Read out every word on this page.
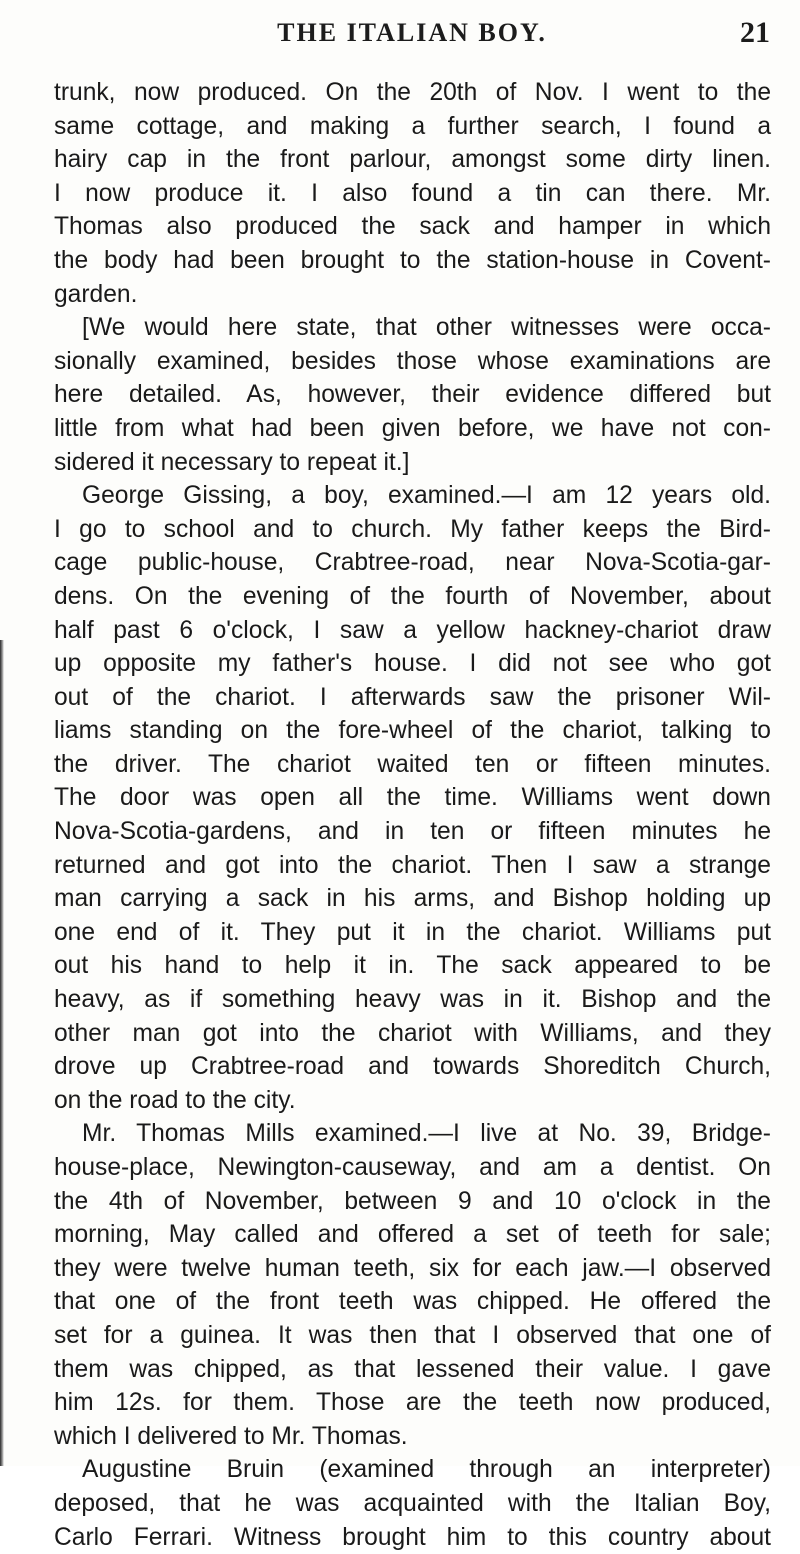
THE ITALIAN BOY.	21
trunk, now produced. On the 20th of Nov. I went to the
same cottage, and making a further search, I found a
hairy cap in the front parlour, amongst some dirty linen.
I now produce it. I also found a tin can there. Mr.
Thomas also produced the sack and hamper in which
the body had been brought to the station-house in Covent-
garden.
[We would here state, that other witnesses were occa-
sionally examined, besides those whose examinations are
here detailed. As, however, their evidence differed but
little from what had been given before, we have not con-
sidered it necessary to repeat it.]
George Gissing, a boy, examined.—I am 12 years old.
I go to school and to church. My father keeps the Bird-
cage public-house, Crabtree-road, near Nova-Scotia-gar-
dens. On the evening of the fourth of November, about
half past 6 o'clock, I saw a yellow hackney-chariot draw
up opposite my father's house. I did not see who got
out of the chariot. I afterwards saw the prisoner Wil-
liams standing on the fore-wheel of the chariot, talking to
the driver. The chariot waited ten or fifteen minutes.
The door was open all the time. Williams went down
Nova-Scotia-gardens, and in ten or fifteen minutes he
returned and got into the chariot. Then I saw a strange
man carrying a sack in his arms, and Bishop holding up
one end of it. They put it in the chariot. Williams put
out his hand to help it in. The sack appeared to be
heavy, as if something heavy was in it. Bishop and the
other man got into the chariot with Williams, and they
drove up Crabtree-road and towards Shoreditch Church,
on the road to the city.
Mr. Thomas Mills examined.—I live at No. 39, Bridge-
house-place, Newington-causeway, and am a dentist. On
the 4th of November, between 9 and 10 o'clock in the
morning, May called and offered a set of teeth for sale;
they were twelve human teeth, six for each jaw.—I observed
that one of the front teeth was chipped. He offered the
set for a guinea. It was then that I observed that one of
them was chipped, as that lessened their value. I gave
him 12s. for them. Those are the teeth now produced,
which I delivered to Mr. Thomas.
Augustine Bruin (examined through an interpreter)
deposed, that he was acquainted with the Italian Boy,
Carlo Ferrari. Witness brought him to this country about
